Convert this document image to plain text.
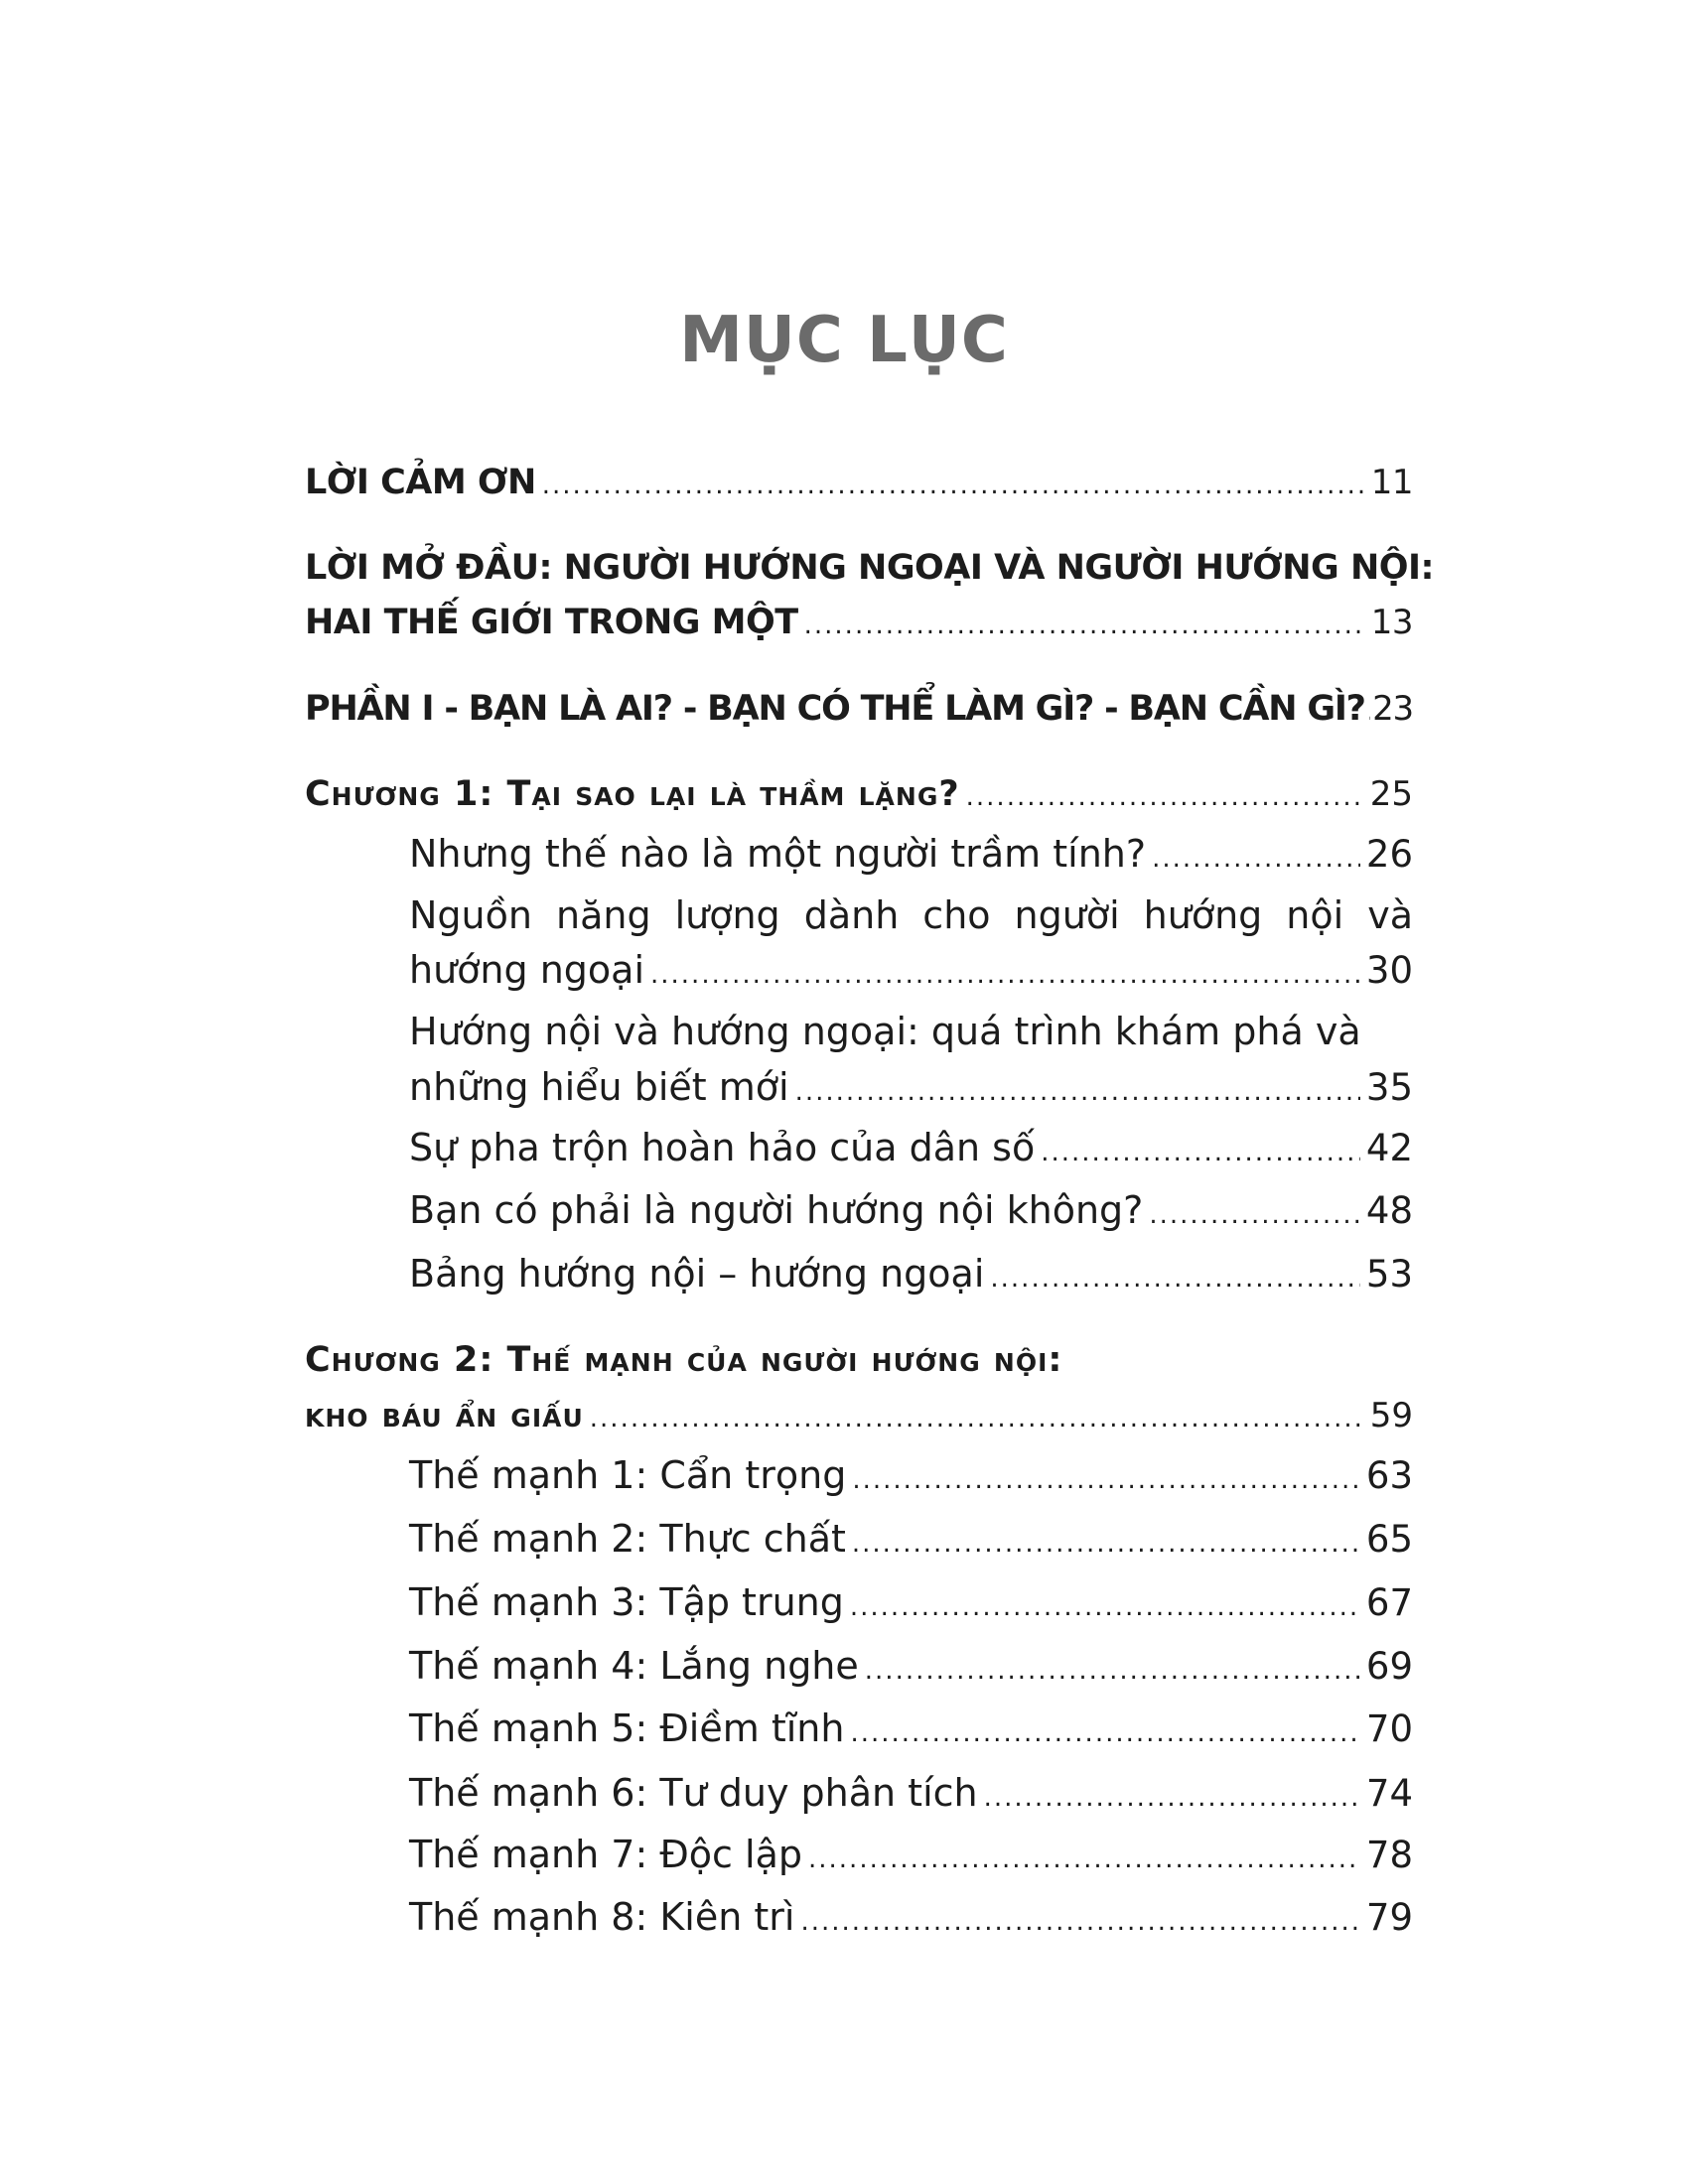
MỤC LỤC
LỜI CẢM ƠN .....	11
LỜI MỞ ĐẦU: NGƯỜI HƯỚNG NGOẠI VÀ NGƯỜI HƯỚNG NỘI:
HAI THẾ GIỚI TRONG MỘT .....	13
PHẦN I - BẠN LÀ AI? - BẠN CÓ THỂ LÀM GÌ? - BẠN CẦN GÌ? ..... 23
Chương 1: Tại sao lại là thầm lặng? .....	25
Nhưng thế nào là một người trầm tính? .....	26
Nguồn năng lượng dành cho người hướng nội và
hướng ngoại .....	30
Hướng nội và hướng ngoại: quá trình khám phá và
những hiểu biết mới .....	35
Sự pha trộn hoàn hảo của dân số .....	42
Bạn có phải là người hướng nội không? .....	48
Bảng hướng nội – hướng ngoại .....	53
Chương 2: Thế mạnh của người hướng nội:
kho báu ẩn giấu .....	59
Thế mạnh 1: Cẩn trọng .....	63
Thế mạnh 2: Thực chất .....	65
Thế mạnh 3: Tập trung .....	67
Thế mạnh 4: Lắng nghe .....	69
Thế mạnh 5: Điềm tĩnh .....	70
Thế mạnh 6: Tư duy phân tích .....	74
Thế mạnh 7: Độc lập .....	78
Thế mạnh 8: Kiên trì .....	79
